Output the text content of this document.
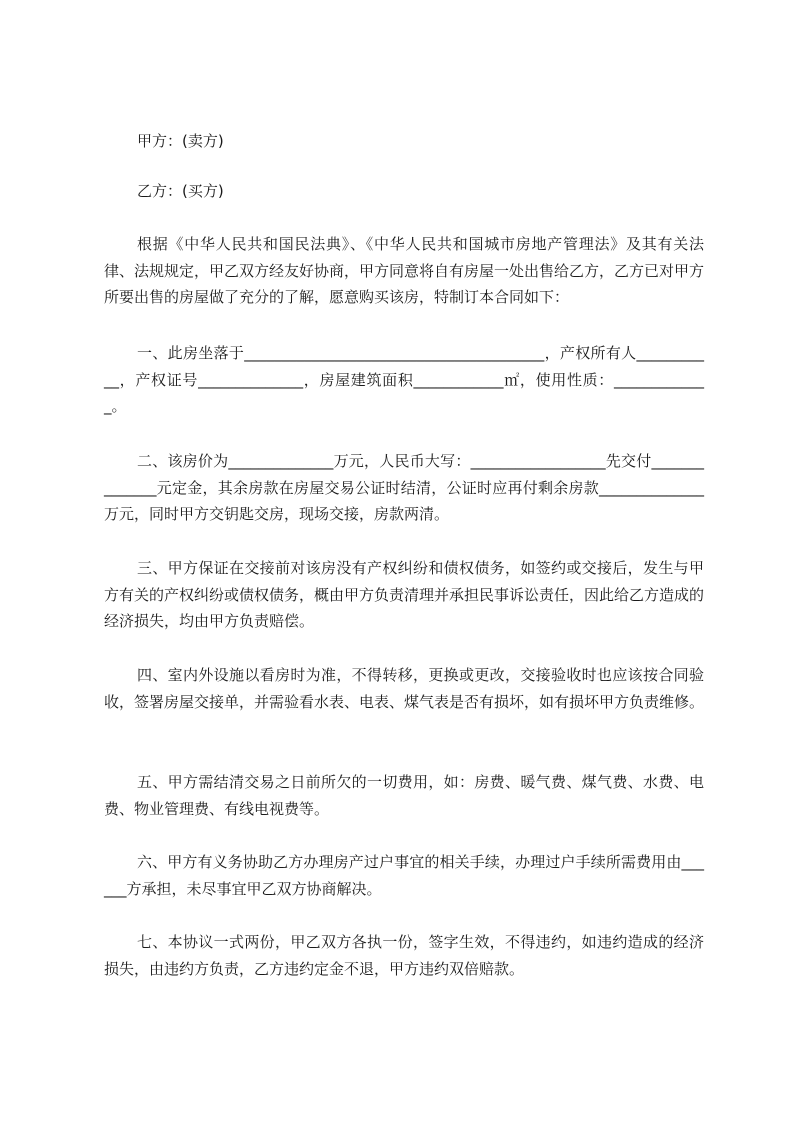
甲方：(卖方)

乙方：(买方)

根据《中华人民共和国民法典》、《中华人民共和国城市房地产管理法》及其有关法律、法规规定，甲乙双方经友好协商，甲方同意将自有房屋一处出售给乙方，乙方已对甲方所要出售的房屋做了充分的了解，愿意购买该房，特制订本合同如下：

一、此房坐落于________________________________________，产权所有人___________，产权证号______________，房屋建筑面积____________㎡，使用性质：_____________。

二、该房价为______________万元，人民币大写：__________________先交付______________元定金，其余房款在房屋交易公证时结清，公证时应再付剩余房款______________万元，同时甲方交钥匙交房，现场交接，房款两清。

三、甲方保证在交接前对该房没有产权纠纷和债权债务，如签约或交接后，发生与甲方有关的产权纠纷或债权债务，概由甲方负责清理并承担民事诉讼责任，因此给乙方造成的经济损失，均由甲方负责赔偿。

四、室内外设施以看房时为准，不得转移，更换或更改，交接验收时也应该按合同验收，签署房屋交接单，并需验看水表、电表、煤气表是否有损坏，如有损坏甲方负责维修。

五、甲方需结清交易之日前所欠的一切费用，如：房费、暖气费、煤气费、水费、电费、物业管理费、有线电视费等。

六、甲方有义务协助乙方办理房产过户事宜的相关手续，办理过户手续所需费用由______方承担，未尽事宜甲乙双方协商解决。

七、本协议一式两份，甲乙双方各执一份，签字生效，不得违约，如违约造成的经济损失，由违约方负责，乙方违约定金不退，甲方违约双倍赔款。
